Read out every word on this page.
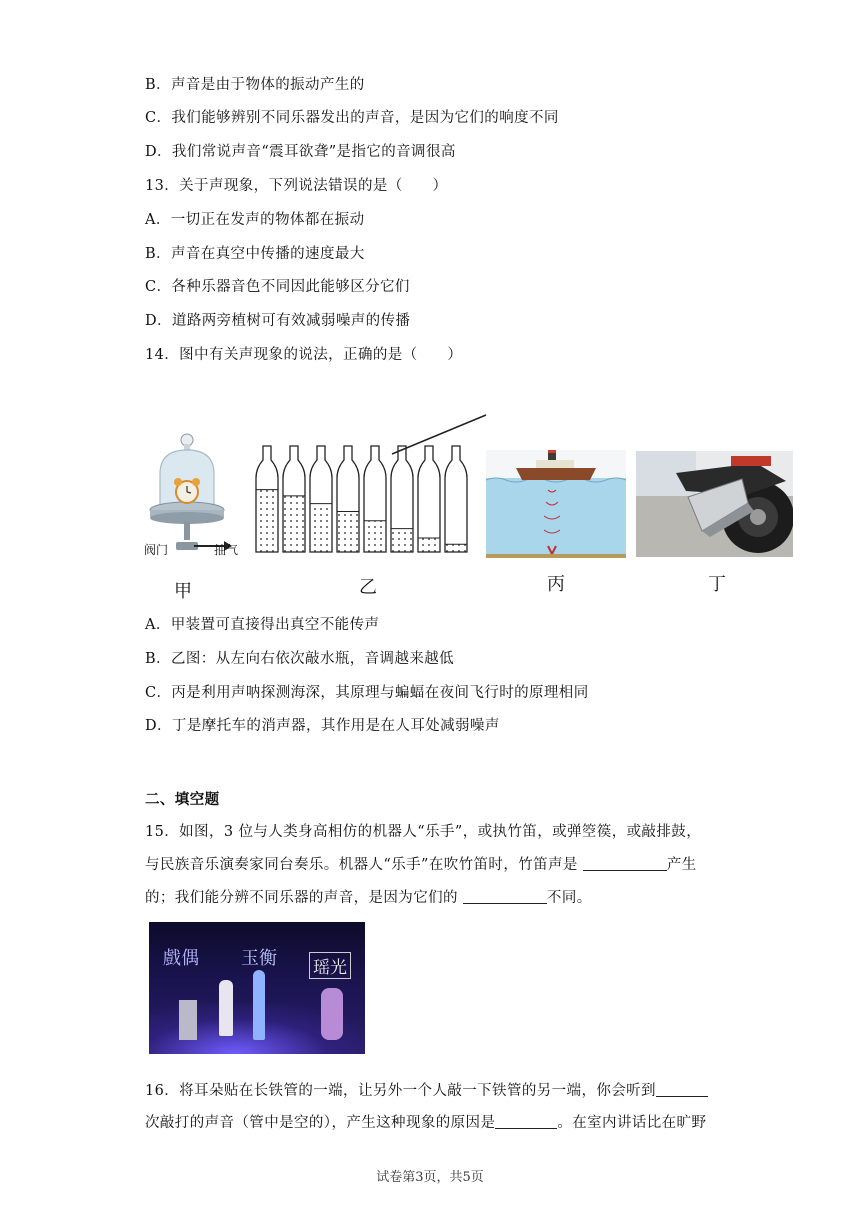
B．声音是由于物体的振动产生的
C．我们能够辨别不同乐器发出的声音，是因为它们的响度不同
D．我们常说声音“震耳欲聋”是指它的音调很高
13．关于声现象，下列说法错误的是（　　）
A．一切正在发声的物体都在振动
B．声音在真空中传播的速度最大
C．各种乐器音色不同因此能够区分它们
D．道路两旁植树可有效减弱噪声的传播
14．图中有关声现象的说法，正确的是（　　）
阀门	抽气
甲	乙	丙	丁
A．甲装置可直接得出真空不能传声
B．乙图：从左向右依次敲水瓶，音调越来越低
C．丙是利用声呐探测海深，其原理与蝙蝠在夜间飞行时的原理相同
D．丁是摩托车的消声器，其作用是在人耳处减弱噪声
二、填空题
15．如图，3 位与人类身高相仿的机器人“乐手”，或执竹笛，或弹箜篌，或敲排鼓，
与民族音乐演奏家同台奏乐。机器人“乐手”在吹竹笛时，竹笛声是	产生
的；我们能分辨不同乐器的声音，是因为它们的	不同。
戲偶 玉衡 瑶光
16．将耳朵贴在长铁管的一端，让另外一个人敲一下铁管的另一端，你会听到
次敲打的声音（管中是空的），产生这种现象的原因是	。在室内讲话比在旷野
试卷第3页，共5页
